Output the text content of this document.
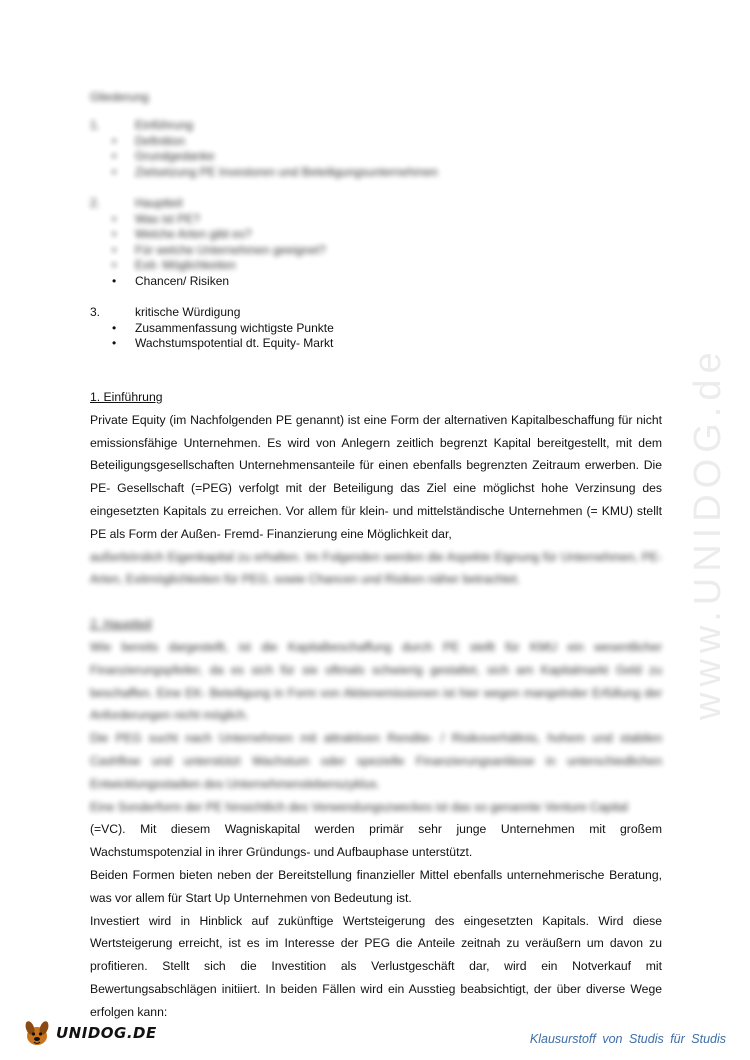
www.UNIDOG.de
Gliederung
1.	Einführung
• Definition
• Grundgedanke
• Zielsetzung PE Investoren und Beteiligungsunternehmen
2.	Hauptteil
• Was ist PE?
• Welche Arten gibt es?
• Für welche Unternehmen geeignet?
• Exit- Möglichkeiten
• Chancen/ Risiken
3.	kritische Würdigung
• Zusammenfassung wichtigste Punkte
• Wachstumspotential dt. Equity- Markt

1. Einführung

Private Equity (im Nachfolgenden PE genannt) ist eine Form der alternativen Kapitalbeschaffung für nicht emissionsfähige Unternehmen. Es wird von Anlegern zeitlich begrenzt Kapital bereitgestellt, mit dem Beteiligungsgesellschaften Unternehmensanteile für einen ebenfalls begrenzten Zeitraum erwerben. Die PE- Gesellschaft (=PEG) verfolgt mit der Beteiligung das Ziel eine möglichst hohe Verzinsung des eingesetzten Kapitals zu erreichen. Vor allem für klein- und mittelständische Unternehmen (= KMU) stellt PE als Form der Außen- Fremd- Finanzierung eine Möglichkeit dar,

außerbörslich Eigenkapital zu erhalten. Im Folgenden werden die Aspekte Eignung für Unternehmen, PE- Arten, Exitmöglichkeiten für PEG, sowie Chancen und Risiken näher betrachtet.

2. Hauptteil

Wie bereits dargestellt, ist die Kapitalbeschaffung durch PE stellt für KMU ein wesentlicher Finanzierungspfeiler, da es sich für sie oftmals schwierig gestaltet, sich am Kapitalmarkt Geld zu beschaffen. Eine EK- Beteiligung in Form von Aktienemissionen ist hier wegen mangelnder Erfüllung der Anforderungen nicht möglich.

Die PEG sucht nach Unternehmen mit attraktiven Rendite- / Risikoverhältnis, hohem und stabilen Cashflow und unterstützt Wachstum oder spezielle Finanzierungsanlässe in unterschiedlichen Entwicklungsstadien des Unternehmenslebenszyklus.

Eine Sonderform der PE hinsichtlich des Verwendungszweckes ist das so genannte Venture Capital

(=VC). Mit diesem Wagniskapital werden primär sehr junge Unternehmen mit großem Wachstumspotenzial in ihrer Gründungs- und Aufbauphase unterstützt.

Beiden Formen bieten neben der Bereitstellung finanzieller Mittel ebenfalls unternehmerische Beratung, was vor allem für Start Up Unternehmen von Bedeutung ist.

Investiert wird in Hinblick auf zukünftige Wertsteigerung des eingesetzten Kapitals. Wird diese Wertsteigerung erreicht, ist es im Interesse der PEG die Anteile zeitnah zu veräußern um davon zu profitieren. Stellt sich die Investition als Verlustgeschäft dar, wird ein Notverkauf mit Bewertungsabschlägen initiiert. In beiden Fällen wird ein Ausstieg beabsichtigt, der über diverse Wege erfolgen kann:

UNIDOG.DE	Klausurstoff von Studis für Studis
